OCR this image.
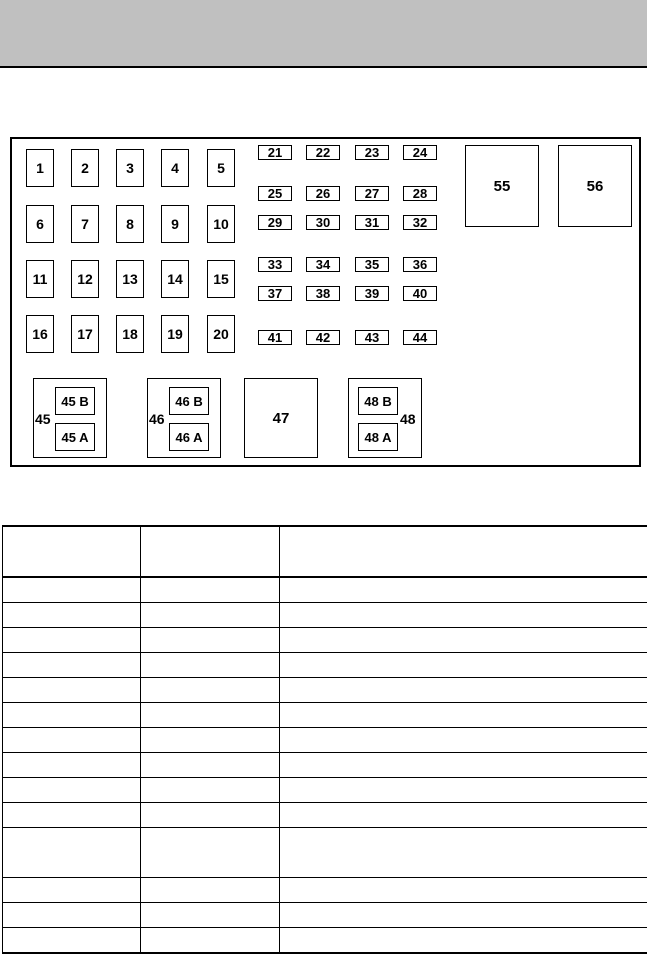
1	2	3	4	5
6	7	8	9	10
11	12	13	14	15
16	17	18	19	20
21	22	23	24
25	26	27	28
29	30	31	32
33	34	35	36
37	38	39	40
41	42	43	44
55	56
45 B
45 A
45
46 B
46 A
46	47
48 B
48 A
48
